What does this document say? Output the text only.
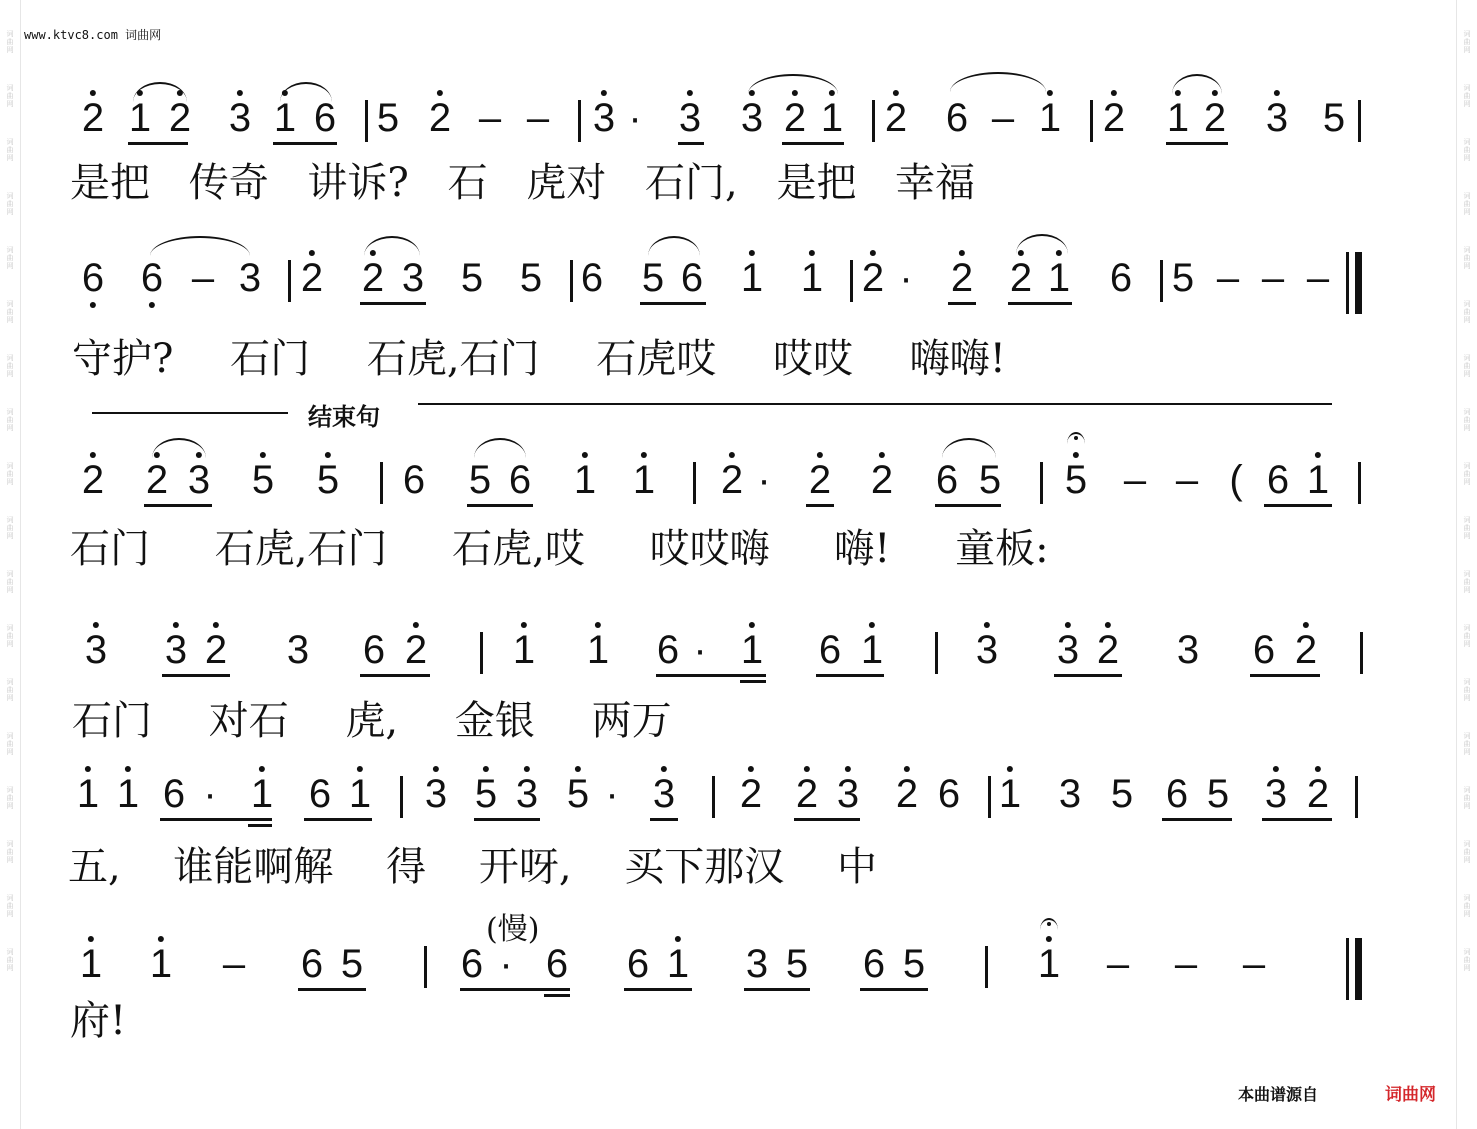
词曲网
词曲网
词曲网
词曲网
词曲网
词曲网
词曲网
词曲网
词曲网
词曲网
词曲网
词曲网
词曲网
词曲网
词曲网
词曲网
词曲网
词曲网
词曲网
词曲网
词曲网
词曲网
词曲网
词曲网
词曲网
词曲网
词曲网
词曲网
词曲网
词曲网
词曲网
词曲网
词曲网
词曲网
词曲网
词曲网
www.ktvc8.com 词曲网
2 1 2 3 1 6 5 2 – – 3 · 3 3 2 1 2 6 – 1 2 1 2 3 5
是把 传奇 讲诉? 石 虎对 石门, 是把 幸福
6 6 – 3 2 2 3 5 5 6 5 6 1 1 2 · 2 2 1 6 5 – – –
守护? 石门 石虎,石门 石虎哎 哎哎 嗨嗨!
结束句
2 2 3 5 5 6 5 6 1 1 2 · 2 2 6 5 5 – – ( 6 1
石门 石虎,石门 石虎,哎 哎哎嗨 嗨! 童板:
3 3 2 3 6 2 1 1 6 · 1 6 1 3 3 2 3 6 2
石门 对石 虎, 金银 两万
1 1 6 · 1 6 1 3 5 3 5 · 3 2 2 3 2 6 1 3 5 6 5 3 2
五, 谁能啊解 得 开呀, 买下那汉 中
(慢)
1 1 – 6 5 6 · 6 6 1 3 5 6 5	1 – – –
府!
本曲谱源自	词曲网
